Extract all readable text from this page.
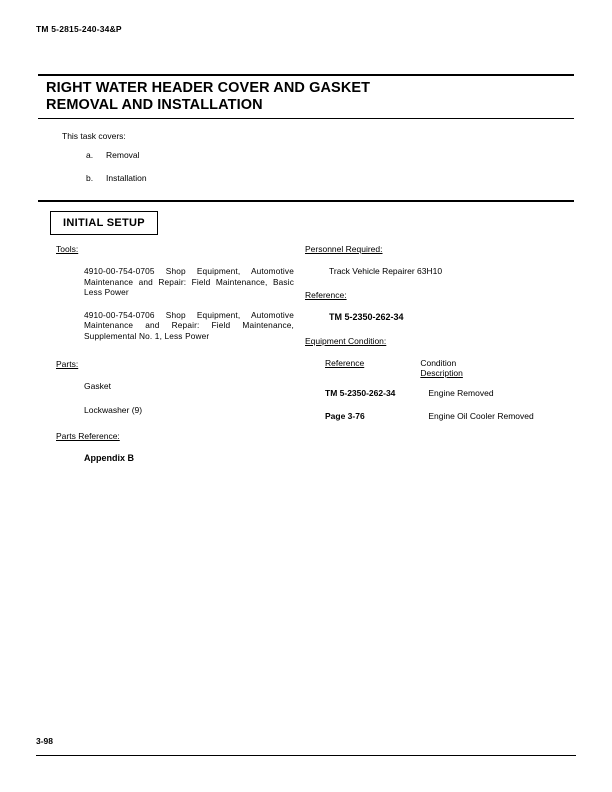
TM 5-2815-240-34&P
RIGHT WATER HEADER COVER AND GASKET
REMOVAL AND INSTALLATION
This task covers:
a. Removal
b. Installation
INITIAL SETUP
Tools:
4910-00-754-0705 Shop Equipment, Automotive Maintenance and Repair: Field Maintenance, Basic Less Power
4910-00-754-0706 Shop Equipment, Automotive Maintenance and Repair: Field Maintenance, Supplemental No. 1, Less Power
Parts:
Gasket
Lockwasher (9)
Parts Reference:
Appendix B
Personnel Required:
Track Vehicle Repairer 63H10
Reference:
TM 5-2350-262-34
Equipment Condition:
Reference	Condition
Description
TM 5-2350-262-34	Engine Removed
Page 3-76	Engine Oil Cooler Removed
3-98
